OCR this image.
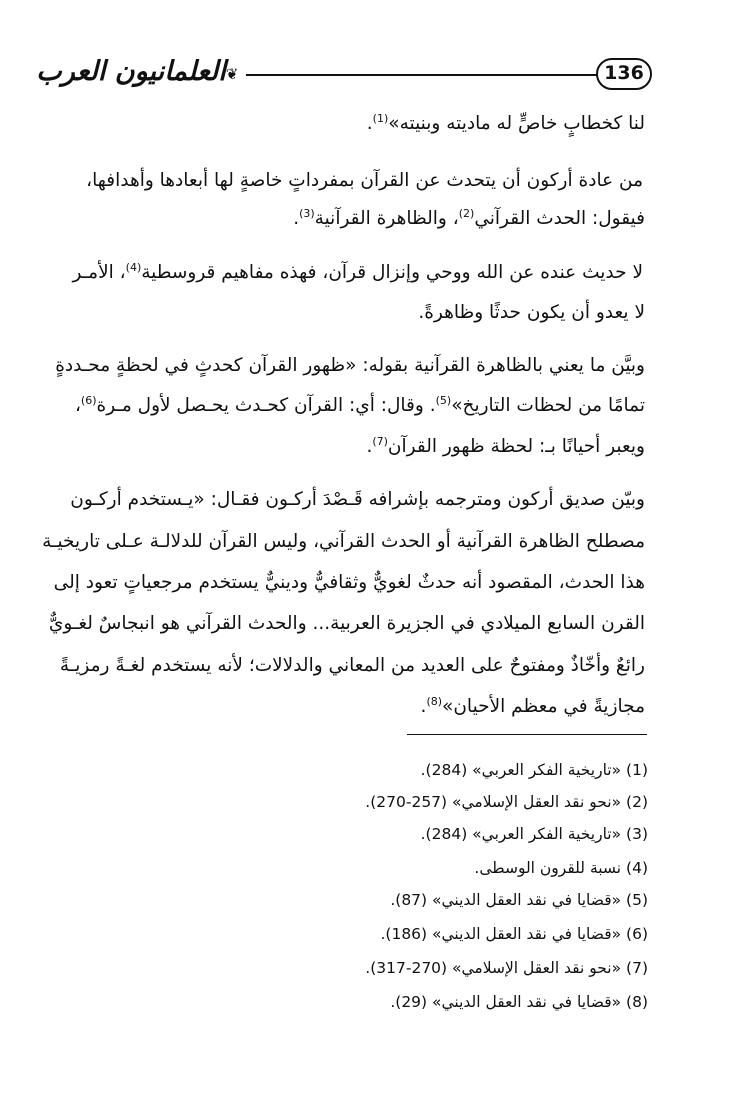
العلمانيون العرب ❦	136
لنا كخطابٍ خاصٍّ له ماديته وبنيته»$^{(1)}$.
من عادة أركون أن يتحدث عن القرآن بمفرداتٍ خاصةٍ لها أبعادها وأهدافها،
فيقول: الحدث القرآني$^{(2)}$، والظاهرة القرآنية$^{(3)}$.
لا حديث عنده عن الله ووحي وإنزال قرآن، فهذه مفاهيم قروسطية$^{(4)}$، الأمـر
لا يعدو أن يكون حدثًا وظاهرةً.
وبيَّن ما يعني بالظاهرة القرآنية بقوله: «ظهور القرآن كحدثٍ في لحظةٍ محـددةٍ
تمامًا من لحظات التاريخ»$^{(5)}$. وقال: أي: القرآن كحـدث يحـصل لأول مـرة$^{(6)}$،
ويعبر أحيانًا بـ: لحظة ظهور القرآن$^{(7)}$.
وبيّن صديق أركون ومترجمه بإشرافه قَـصْدَ أركـون فقـال: «يـستخدم أركـون
مصطلح الظاهرة القرآنية أو الحدث القرآني، وليس القرآن للدلالـة عـلى تاريخيـة
هذا الحدث، المقصود أنه حدثٌ لغويٌّ وثقافيٌّ ودينيٌّ يستخدم مرجعياتٍ تعود إلى
القرن السابع الميلادي في الجزيرة العربية... والحدث القرآني هو انبجاسٌ لغـويٌّ
رائعٌ وأخّاذٌ ومفتوحٌ على العديد من المعاني والدلالات؛ لأنه يستخدم لغـةً رمزيـةً
مجازيةً في معظم الأحيان»$^{(8)}$.
(1) «تاريخية الفكر العربي» (284).
(2) «نحو نقد العقل الإسلامي» (257-270).
(3) «تاريخية الفكر العربي» (284).
(4) نسبة للقرون الوسطى.
(5) «قضايا في نقد العقل الديني» (87).
(6) «قضايا في نقد العقل الديني» (186).
(7) «نحو نقد العقل الإسلامي» (270-317).
(8) «قضايا في نقد العقل الديني» (29).
